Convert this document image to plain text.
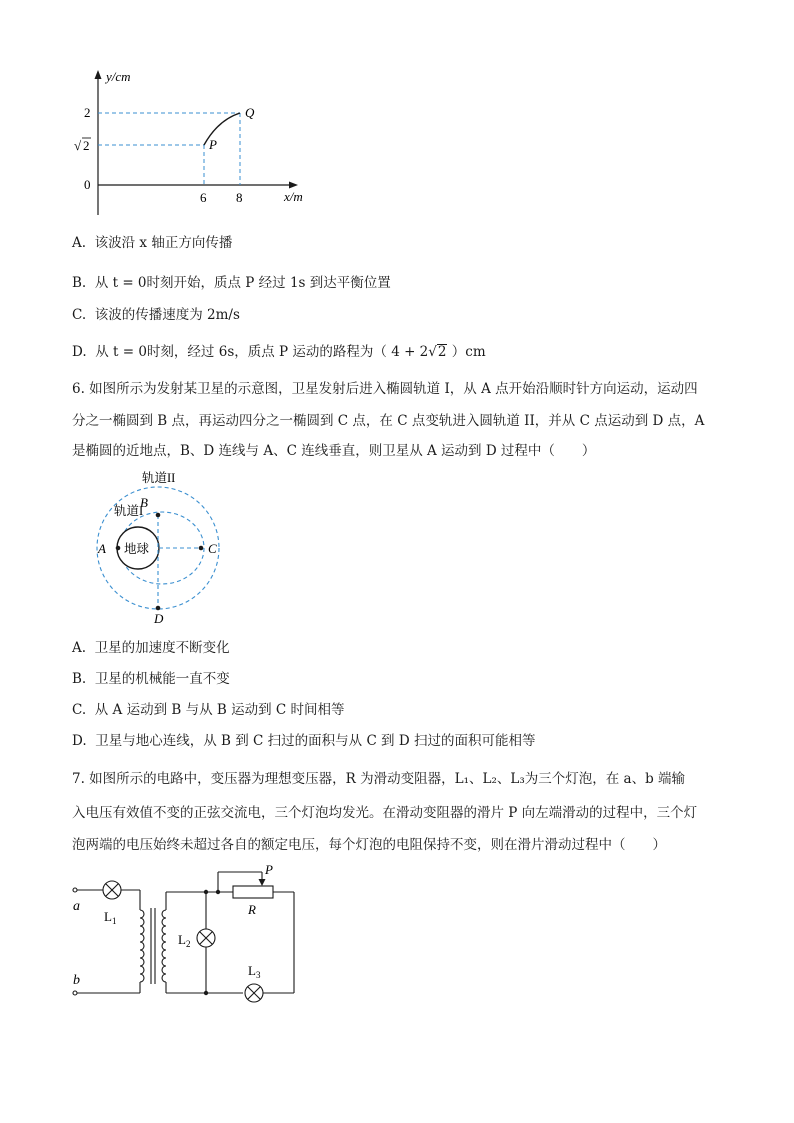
y/cm
x/m
2
√ 2
0
6 8
P
Q
A. 该波沿 x 轴正方向传播
B. 从 t = 0时刻开始，质点 P 经过 1s 到达平衡位置
C. 该波的传播速度为 2m/s
D. 从 t = 0时刻，经过 6s，质点 P 运动的路程为（ 4 + 2√2 ）cm
6. 如图所示为发射某卫星的示意图，卫星发射后进入椭圆轨道 I，从 A 点开始沿顺时针方向运动，运动四
分之一椭圆到 B 点，再运动四分之一椭圆到 C 点，在 C 点变轨进入圆轨道 II，并从 C 点运动到 D 点，A
是椭圆的近地点，B、D 连线与 A、C 连线垂直，则卫星从 A 运动到 D 过程中（　　）
轨道II
轨道I
地球
A
B
C
D
A. 卫星的加速度不断变化
B. 卫星的机械能一直不变
C. 从 A 运动到 B 与从 B 运动到 C 时间相等
D. 卫星与地心连线，从 B 到 C 扫过的面积与从 C 到 D 扫过的面积可能相等
7. 如图所示的电路中，变压器为理想变压器，R 为滑动变阻器，L₁、L₂、L₃为三个灯泡，在 a、b 端输
入电压有效值不变的正弦交流电，三个灯泡均发光。在滑动变阻器的滑片 P 向左端滑动的过程中，三个灯
泡两端的电压始终未超过各自的额定电压，每个灯泡的电阻保持不变，则在滑片滑动过程中（　　）
a
b
$L_1$
$L_2$
$L_3$
R
P
